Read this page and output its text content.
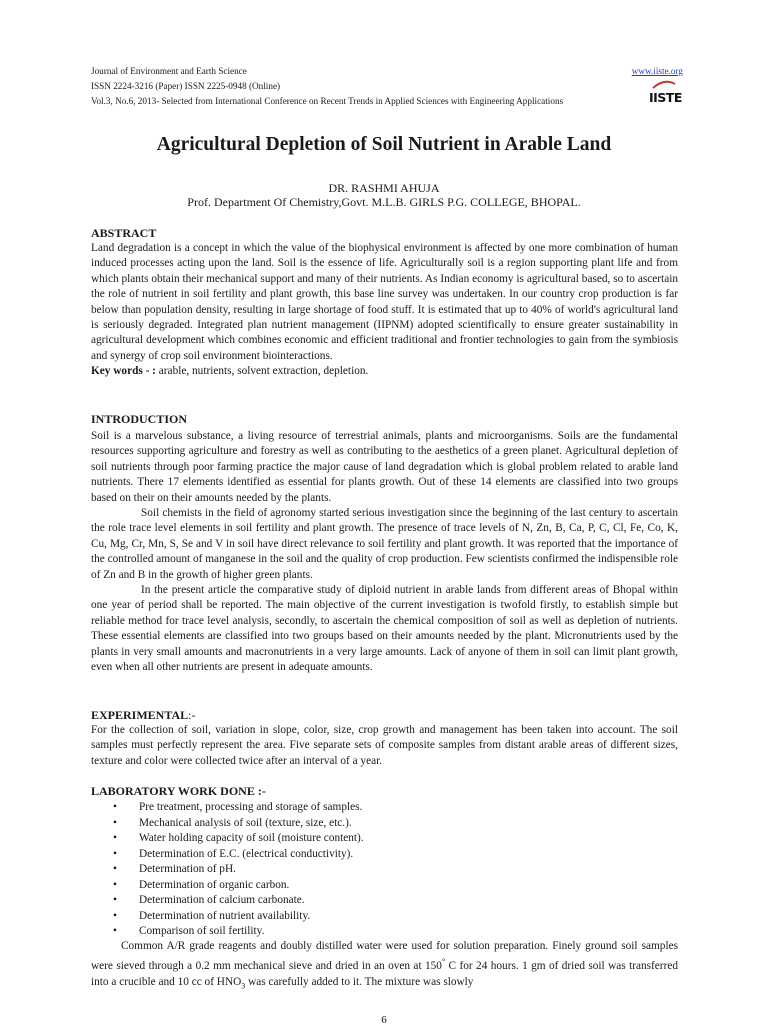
Journal of Environment and Earth Science
ISSN 2224-3216 (Paper) ISSN 2225-0948 (Online)
Vol.3, No.6, 2013- Selected from International Conference on Recent Trends in Applied Sciences with Engineering Applications
www.iiste.org
IISTE
Agricultural Depletion of Soil Nutrient in Arable Land
DR. RASHMI AHUJA
Prof. Department Of Chemistry,Govt. M.L.B. GIRLS P.G. COLLEGE, BHOPAL.
ABSTRACT

Land degradation is a concept in which the value of the biophysical environment is affected by one more combination of human induced processes acting upon the land. Soil is the essence of life. Agriculturally soil is a region supporting plant life and from which plants obtain their mechanical support and many of their nutrients. As Indian economy is agricultural based, so to ascertain the role of nutrient in soil fertility and plant growth, this base line survey was undertaken. In our country crop production is far below than population density, resulting in large shortage of food stuff. It is estimated that up to 40% of world's agricultural land is seriously degraded. Integrated plan nutrient management (IIPNM) adopted scientifically to ensure greater sustainability in agricultural development which combines economic and efficient traditional and frontier technologies to gain from the symbiosis and synergy of crop soil environment biointeractions.

Key words - : arable, nutrients, solvent extraction, depletion.

INTRODUCTION

Soil is a marvelous substance, a living resource of terrestrial animals, plants and microorganisms. Soils are the fundamental resources supporting agriculture and forestry as well as contributing to the aesthetics of a green planet. Agricultural depletion of soil nutrients through poor farming practice the major cause of land degradation which is global problem related to arable land nutrients. There 17 elements identified as essential for plants growth. Out of these 14 elements are classified into two groups based on their on their amounts needed by the plants.

Soil chemists in the field of agronomy started serious investigation since the beginning of the last century to ascertain the role trace level elements in soil fertility and plant growth. The presence of trace levels of N, Zn, B, Ca, P, C, Cl, Fe, Co, K, Cu, Mg, Cr, Mn, S, Se and V in soil have direct relevance to soil fertility and plant growth. It was reported that the importance of the controlled amount of manganese in the soil and the quality of crop production. Few scientists confirmed the indispensible role of Zn and B in the growth of higher green plants.

In the present article the comparative study of diploid nutrient in arable lands from different areas of Bhopal within one year of period shall be reported. The main objective of the current investigation is twofold firstly, to establish simple but reliable method for trace level analysis, secondly, to ascertain the chemical composition of soil as well as depletion of nutrients. These essential elements are classified into two groups based on their amounts needed by the plant. Micronutrients used by the plants in very small amounts and macronutrients in a very large amounts. Lack of anyone of them in soil can limit plant growth, even when all other nutrients are present in adequate amounts.

EXPERIMENTAL:-

For the collection of soil, variation in slope, color, size, crop growth and management has been taken into account. The soil samples must perfectly represent the area. Five separate sets of composite samples from distant arable areas of different sizes, texture and color were collected twice after an interval of a year.

LABORATORY WORK DONE :-
• Pre treatment, processing and storage of samples.
• Mechanical analysis of soil (texture, size, etc.).
• Water holding capacity of soil (moisture content).
• Determination of E.C. (electrical conductivity).
• Determination of pH.
• Determination of organic carbon.
• Determination of calcium carbonate.
• Determination of nutrient availability.
• Comparison of soil fertility.

Common A/R grade reagents and doubly distilled water were used for solution preparation. Finely ground soil samples were sieved through a 0.2 mm mechanical sieve and dried in an oven at 150° C for 24 hours. 1 gm of dried soil was transferred into a crucible and 10 cc of $HNO_3$ was carefully added to it. The mixture was slowly

6
